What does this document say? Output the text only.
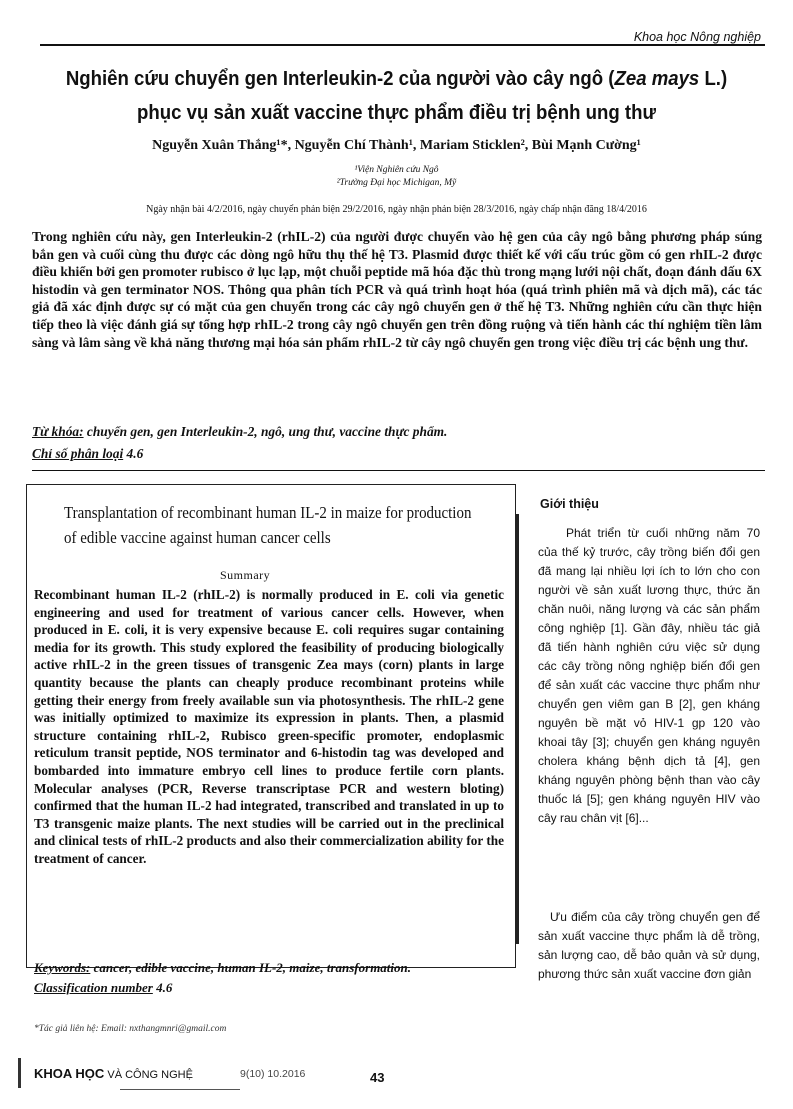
Khoa học Nông nghiệp
Nghiên cứu chuyển gen Interleukin-2 của người vào cây ngô (Zea mays L.)
phục vụ sản xuất vaccine thực phẩm điều trị bệnh ung thư
Nguyễn Xuân Thắng¹*, Nguyễn Chí Thành¹, Mariam Sticklen², Bùi Mạnh Cường¹
¹Viện Nghiên cứu Ngô
²Trường Đại học Michigan, Mỹ
Ngày nhận bài 4/2/2016, ngày chuyển phản biện 29/2/2016, ngày nhận phản biện 28/3/2016, ngày chấp nhận đăng 18/4/2016
Trong nghiên cứu này, gen Interleukin-2 (rhIL-2) của người được chuyển vào hệ gen của cây ngô bằng phương pháp súng bắn gen và cuối cùng thu được các dòng ngô hữu thụ thế hệ T3. Plasmid được thiết kế với cấu trúc gồm có gen rhIL-2 được điều khiển bởi gen promoter rubisco ở lục lạp, một chuỗi peptide mã hóa đặc thù trong mạng lưới nội chất, đoạn đánh dấu 6X histodin và gen terminator NOS. Thông qua phân tích PCR và quá trình hoạt hóa (quá trình phiên mã và dịch mã), các tác giả đã xác định được sự có mặt của gen chuyển trong các cây ngô chuyển gen ở thế hệ T3. Những nghiên cứu cần thực hiện tiếp theo là việc đánh giá sự tổng hợp rhIL-2 trong cây ngô chuyển gen trên đồng ruộng và tiến hành các thí nghiệm tiền lâm sàng và lâm sàng về khả năng thương mại hóa sản phẩm rhIL-2 từ cây ngô chuyển gen trong việc điều trị các bệnh ung thư.
Từ khóa: chuyển gen, gen Interleukin-2, ngô, ung thư, vaccine thực phẩm.
Chỉ số phân loại 4.6
Transplantation of recombinant human IL-2 in maize for production of edible vaccine against human cancer cells
Summary
Recombinant human IL-2 (rhIL-2) is normally produced in E. coli via genetic engineering and used for treatment of various cancer cells. However, when produced in E. coli, it is very expensive because E. coli requires sugar containing media for its growth. This study explored the feasibility of producing biologically active rhIL-2 in the green tissues of transgenic Zea mays (corn) plants in large quantity because the plants can cheaply produce recombinant proteins while getting their energy from freely available sun via photosynthesis. The rhIL-2 gene was initially optimized to maximize its expression in plants. Then, a plasmid structure containing rhIL-2, Rubisco green-specific promoter, endoplasmic reticulum transit peptide, NOS terminator and 6-histodin tag was developed and bombarded into immature embryo cell lines to produce fertile corn plants. Molecular analyses (PCR, Reverse transcriptase PCR and western bloting) confirmed that the human IL-2 had integrated, transcribed and translated in up to T3 transgenic maize plants. The next studies will be carried out in the preclinical and clinical tests of rhIL-2 products and also their commercialization ability for the treatment of cancer.
Keywords: cancer, edible vaccine, human IL-2, maize, transformation.
Classification number 4.6
Giới thiệu
Phát triển từ cuối những năm 70 của thế kỷ trước, cây trồng biến đổi gen đã mang lại nhiều lợi ích to lớn cho con người về sản xuất lương thực, thức ăn chăn nuôi, năng lượng và các sản phẩm công nghiệp [1]. Gần đây, nhiều tác giả đã tiến hành nghiên cứu việc sử dụng các cây trồng nông nghiệp biến đổi gen để sản xuất các vaccine thực phẩm như chuyển gen viêm gan B [2], gen kháng nguyên bề mặt vỏ HIV-1 gp 120 vào khoai tây [3]; chuyển gen kháng nguyên cholera kháng bệnh dịch tả [4], gen kháng nguyên phòng bệnh than vào cây thuốc lá [5]; gen kháng nguyên HIV vào cây rau chân vịt [6]...
Ưu điểm của cây trồng chuyển gen để sản xuất vaccine thực phẩm là dễ trồng, sản lượng cao, dễ bảo quản và sử dụng, phương thức sản xuất vaccine đơn giản
*Tác giả liên hệ: Email: nxthangmnri@gmail.com
KHOA HỌC VÀ CÔNG NGHỆ	9(10) 10.2016	43
